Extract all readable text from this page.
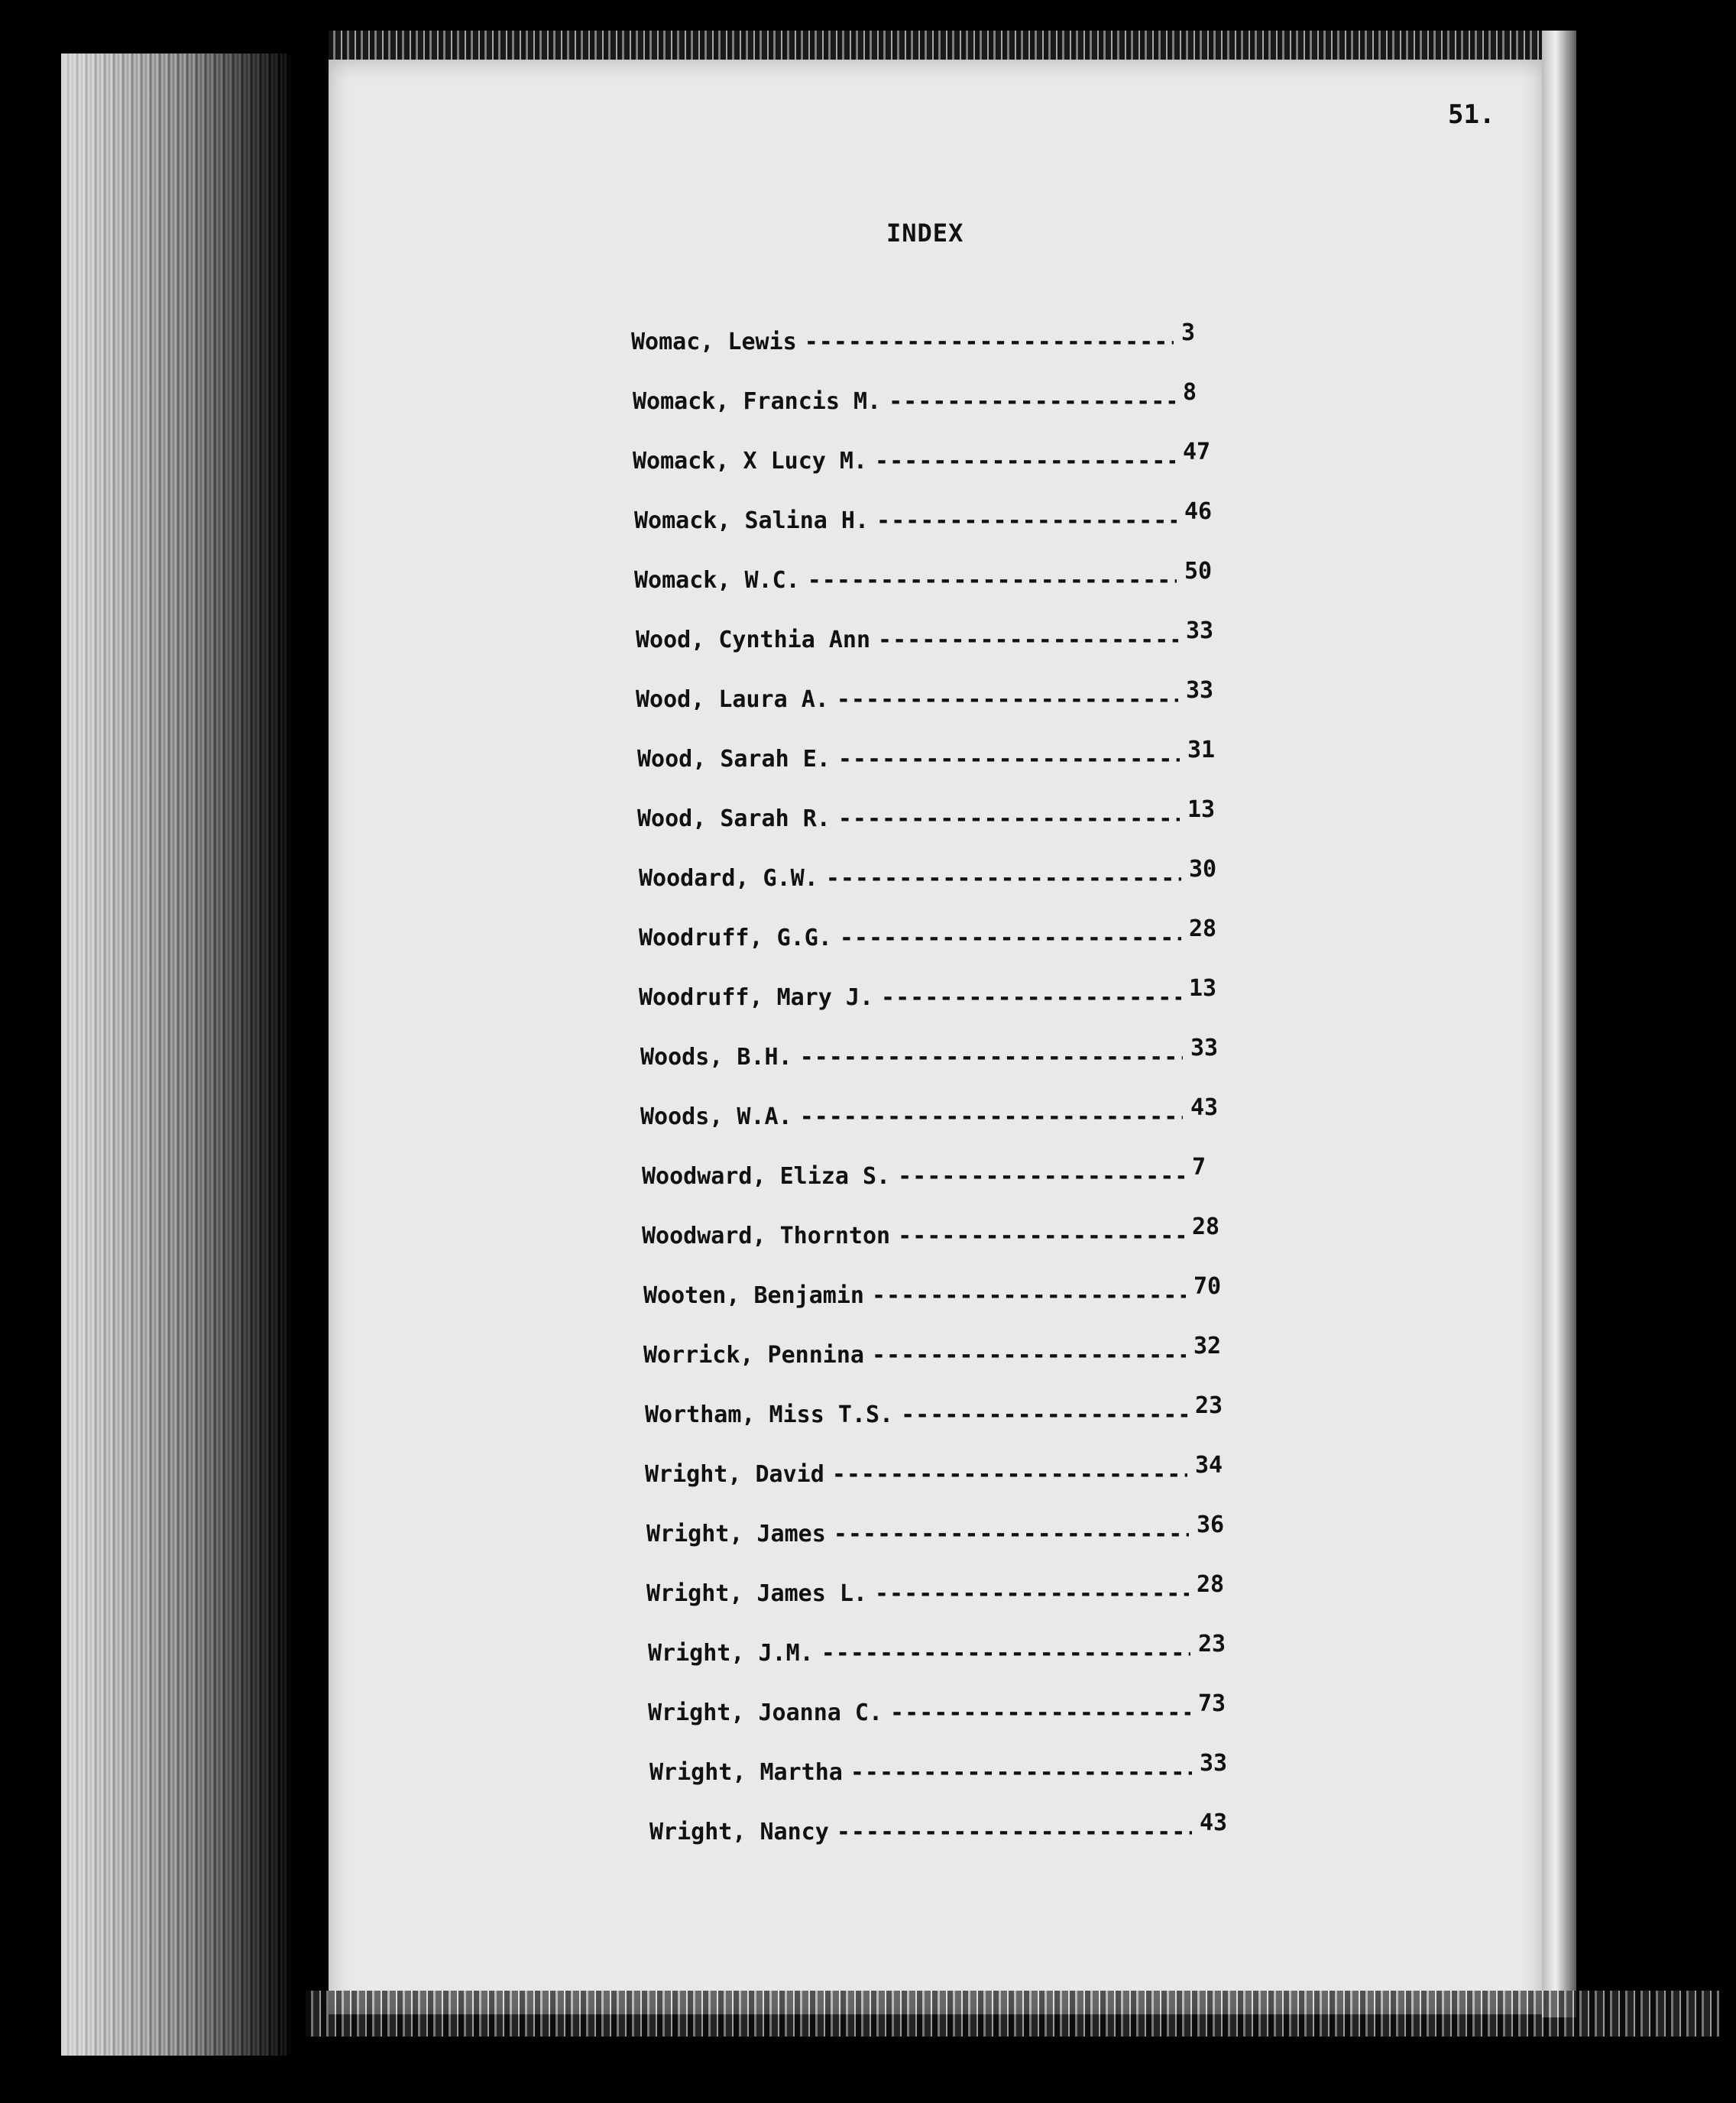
51.
INDEX
Womac, Lewis -----	3
Womack, Francis M. -----	8
Womack, X Lucy M. -----	47
Womack, Salina H. -----	46
Womack, W.C. -----	50
Wood, Cynthia Ann -----	33
Wood, Laura A. -----	33
Wood, Sarah E. -----	31
Wood, Sarah R. -----	13
Woodard, G.W. -----	30
Woodruff, G.G. -----	28
Woodruff, Mary J. -----	13
Woods, B.H. -----	33
Woods, W.A. -----	43
Woodward, Eliza S. -----	7
Woodward, Thornton -----	28
Wooten, Benjamin -----	70
Worrick, Pennina -----	32
Wortham, Miss T.S. -----	23
Wright, David -----	34
Wright, James -----	36
Wright, James L. -----	28
Wright, J.M. -----	23
Wright, Joanna C. -----	73
Wright, Martha -----	33
Wright, Nancy -----	43
